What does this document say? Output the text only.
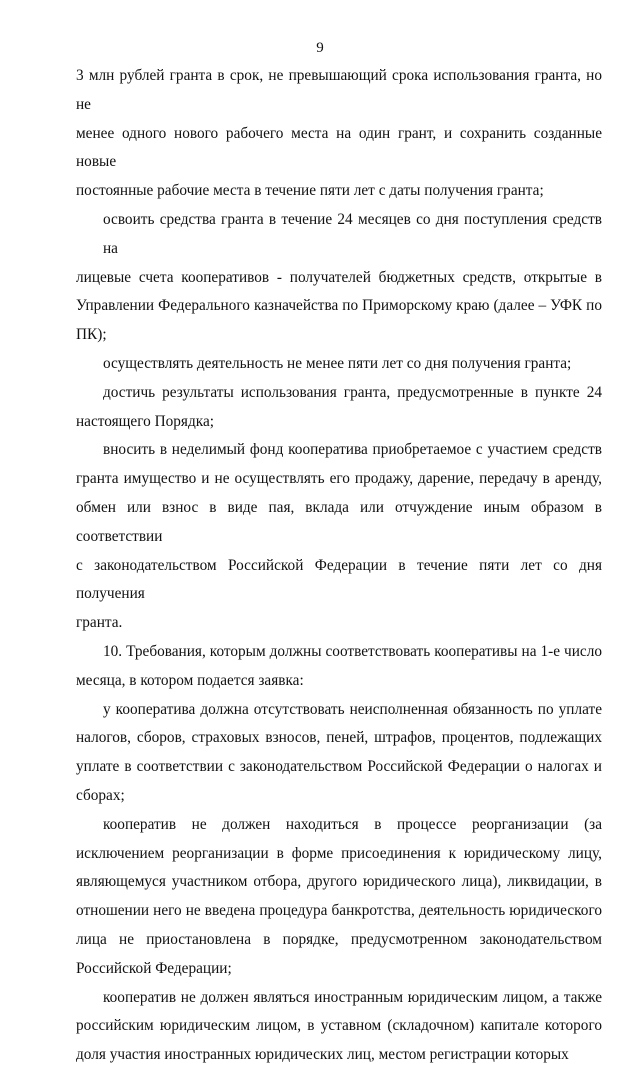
9
3 млн рублей гранта в срок, не превышающий срока использования гранта, но не
менее одного нового рабочего места на один грант, и сохранить созданные новые
постоянные рабочие места в течение пяти лет с даты получения гранта;
освоить средства гранта в течение 24 месяцев со дня поступления средств на
лицевые счета кооперативов - получателей бюджетных средств, открытые в
Управлении Федерального казначейства по Приморскому краю (далее – УФК по
ПК);
осуществлять деятельность не менее пяти лет со дня получения гранта;
достичь результаты использования гранта, предусмотренные в пункте 24
настоящего Порядка;
вносить в неделимый фонд кооператива приобретаемое с участием средств
гранта имущество и не осуществлять его продажу, дарение, передачу в аренду,
обмен или взнос в виде пая, вклада или отчуждение иным образом в соответствии
с законодательством Российской Федерации в течение пяти лет со дня получения
гранта.
10. Требования, которым должны соответствовать кооперативы на 1-е число
месяца, в котором подается заявка:
у кооператива должна отсутствовать неисполненная обязанность по уплате
налогов, сборов, страховых взносов, пеней, штрафов, процентов, подлежащих
уплате в соответствии с законодательством Российской Федерации о налогах и
сборах;
кооператив не должен находиться в процессе реорганизации (за
исключением реорганизации в форме присоединения к юридическому лицу,
являющемуся участником отбора, другого юридического лица), ликвидации, в
отношении него не введена процедура банкротства, деятельность юридического
лица не приостановлена в порядке, предусмотренном законодательством
Российской Федерации;
кооператив не должен являться иностранным юридическим лицом, а также
российским юридическим лицом, в уставном (складочном) капитале которого
доля участия иностранных юридических лиц, местом регистрации которых
